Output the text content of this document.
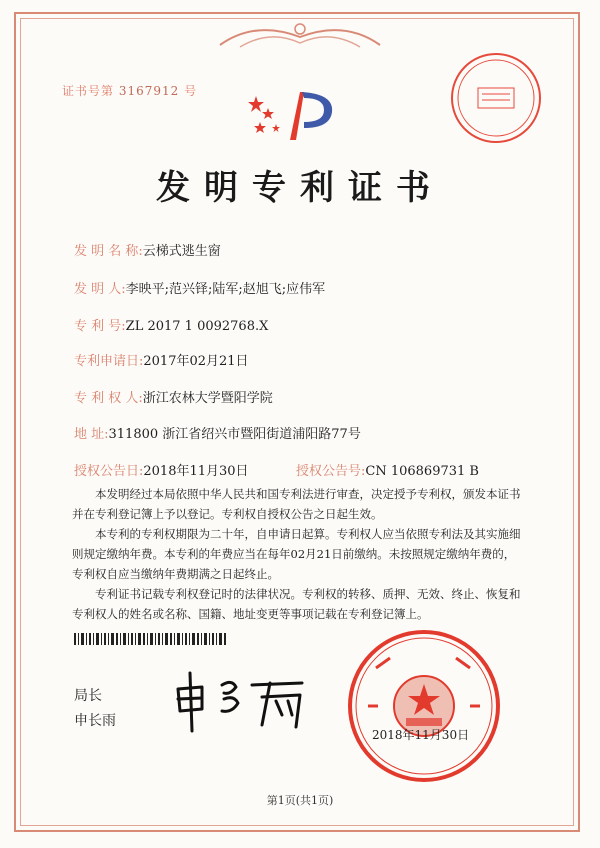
证书号第 3167912 号
发明专利证书
发 明 名 称:云梯式逃生窗
发 明 人:李映平;范兴铎;陆军;赵旭飞;应伟军
专 利 号:ZL 2017 1 0092768.X
专利申请日:2017年02月21日
专 利 权 人:浙江农林大学暨阳学院
地 址:311800 浙江省绍兴市暨阳街道浦阳路77号
授权公告日:2018年11月30日	授权公告号:CN 106869731 B

本发明经过本局依照中华人民共和国专利法进行审查，决定授予专利权，颁发本证书并在专利登记簿上予以登记。专利权自授权公告之日起生效。

本专利的专利权期限为二十年，自申请日起算。专利权人应当依照专利法及其实施细则规定缴纳年费。本专利的年费应当在每年02月21日前缴纳。未按照规定缴纳年费的，专利权自应当缴纳年费期满之日起终止。

专利证书记载专利权登记时的法律状况。专利权的转移、质押、无效、终止、恢复和专利权人的姓名或名称、国籍、地址变更等事项记载在专利登记簿上。

局长
申长雨
2018年11月30日
第1页(共1页)
